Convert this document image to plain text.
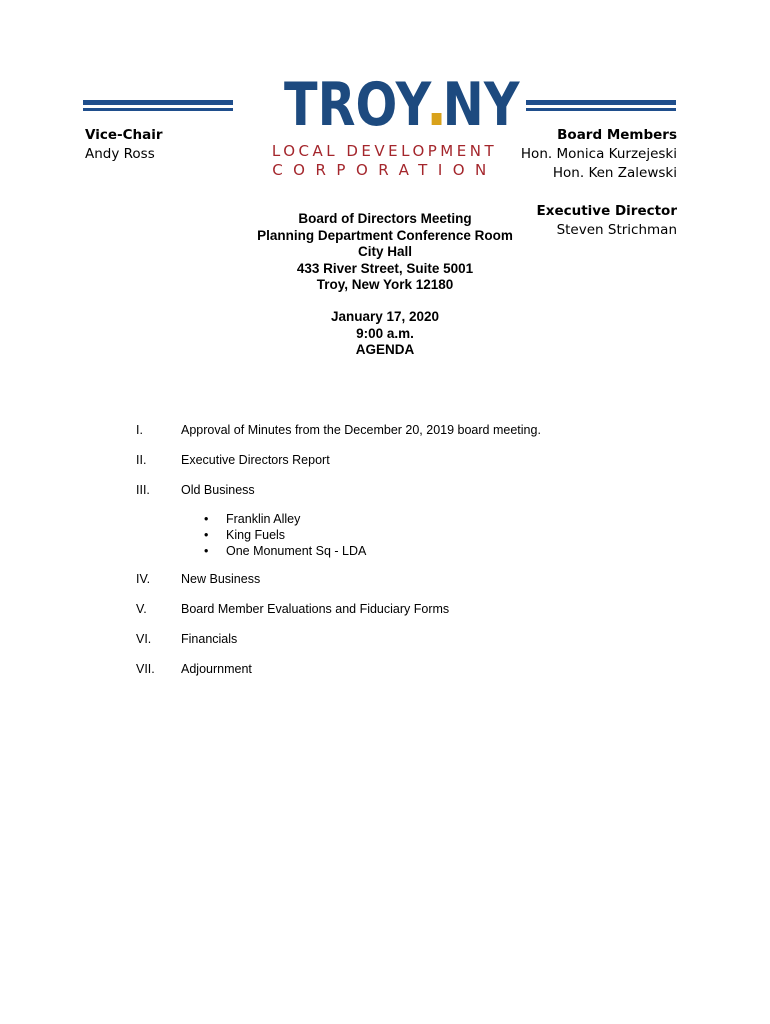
TROY NY
LOCAL DEVELOPMENT
CORPORATION
Vice-Chair
Andy Ross
Board Members
Hon. Monica Kurzejeski
Hon. Ken Zalewski
Executive Director
Steven Strichman
Board of Directors Meeting
Planning Department Conference Room
City Hall
433 River Street, Suite 5001
Troy, New York 12180
January 17, 2020
9:00 a.m.
AGENDA
I.	Approval of Minutes from the December 20, 2019 board meeting.
II.	Executive Directors Report
III. Old Business
• Franklin Alley
• King Fuels
• One Monument Sq - LDA
IV. New Business
V.	Board Member Evaluations and Fiduciary Forms
VI. Financials
VII. Adjournment
